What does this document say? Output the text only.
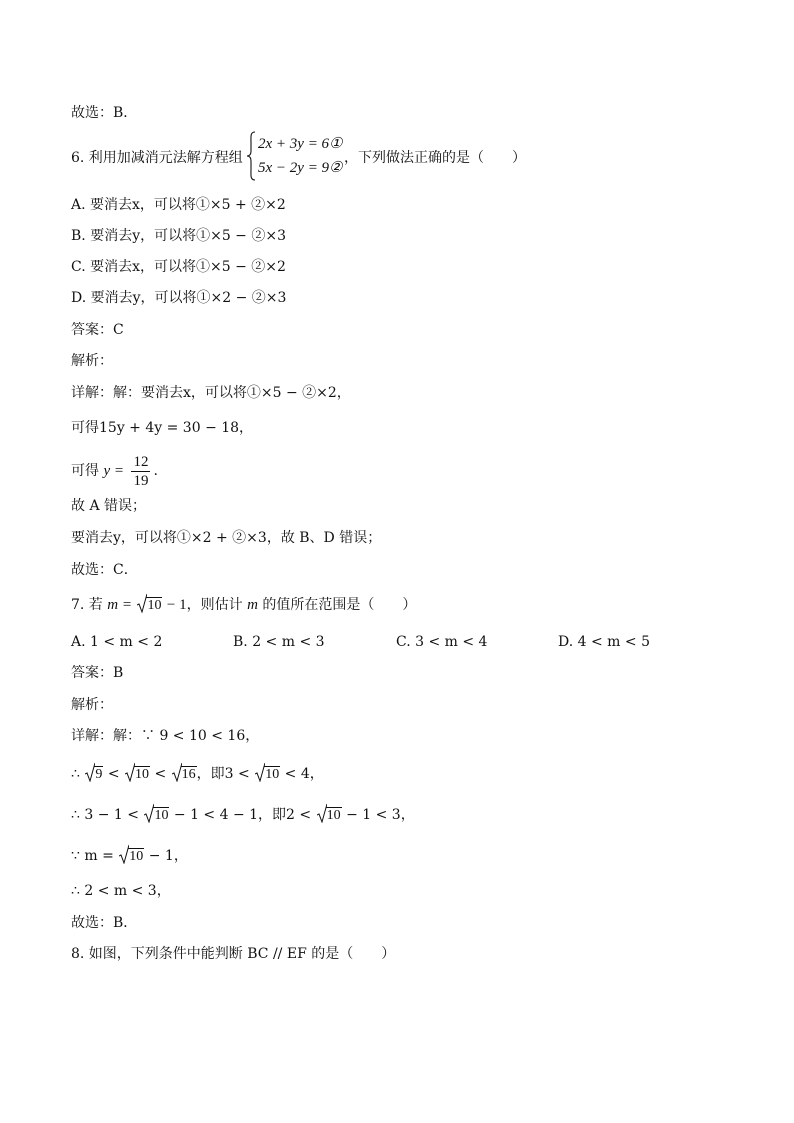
故选：B．
6. 利用加减消元法解方程组
2x + 3y = 6①
5x − 2y = 9②
，下列做法正确的是（　　）
A. 要消去x，可以将①×5 + ②×2
B. 要消去y，可以将①×5 − ②×3
C. 要消去x，可以将①×5 − ②×2
D. 要消去y，可以将①×2 − ②×3
答案：C
解析：
详解：解：要消去x，可以将①×5 − ②×2，
可得15y + 4y = 30 − 18，
可得 $y = \frac{12}{19}$ .
故 A 错误；
要消去y，可以将①×2 + ②×3，故 B、D 错误；
故选：C．
7. 若 m = 10 − 1，则估计 m 的值所在范围是（　　）
A. 1 < m < 2	B. 2 < m < 3	C. 3 < m < 4	D. 4 < m < 5
答案：B
解析：
详解：解：∵ 9 < 10 < 16，
∴ 9 < 10 < 16，即3 < 10 < 4，
∴ 3 − 1 < 10 − 1 < 4 − 1，即2 < 10 − 1 < 3，
∵ m = 10 − 1，
∴ 2 < m < 3，
故选：B．
8. 如图，下列条件中能判断 BC // EF 的是（　　）
